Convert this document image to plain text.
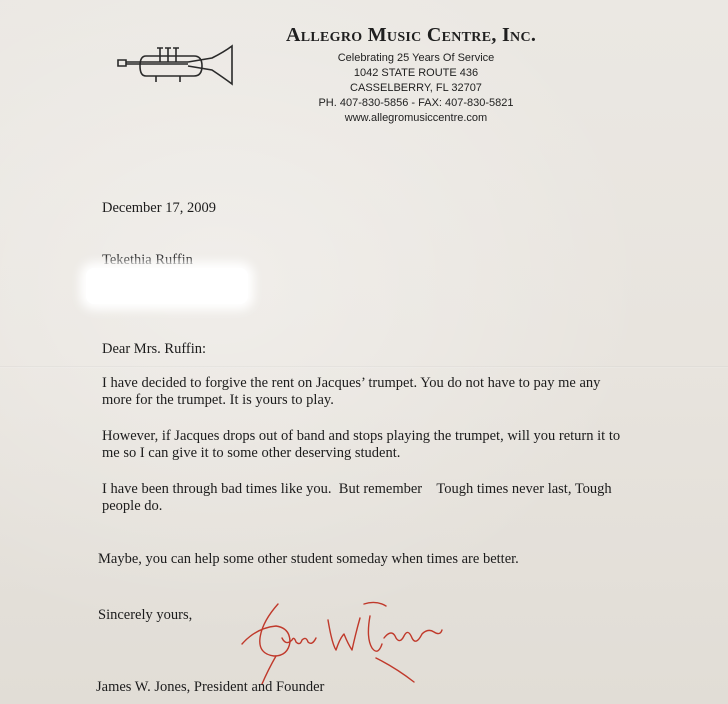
Allegro Music Centre, Inc.
Celebrating 25 Years Of Service
1042 STATE ROUTE 436
CASSELBERRY, FL 32707
PH. 407-830-5856 - FAX: 407-830-5821
www.allegromusiccentre.com
December 17, 2009
Tekethia Ruffin
Dear Mrs. Ruffin:
I have decided to forgive the rent on Jacques’ trumpet. You do not have to pay me any
more for the trumpet. It is yours to play.
However, if Jacques drops out of band and stops playing the trumpet, will you return it to
me so I can give it to some other deserving student.
I have been through bad times like you.  But remember    Tough times never last, Tough
people do.
Maybe, you can help some other student someday when times are better.
Sincerely yours,
James W. Jones, President and Founder
